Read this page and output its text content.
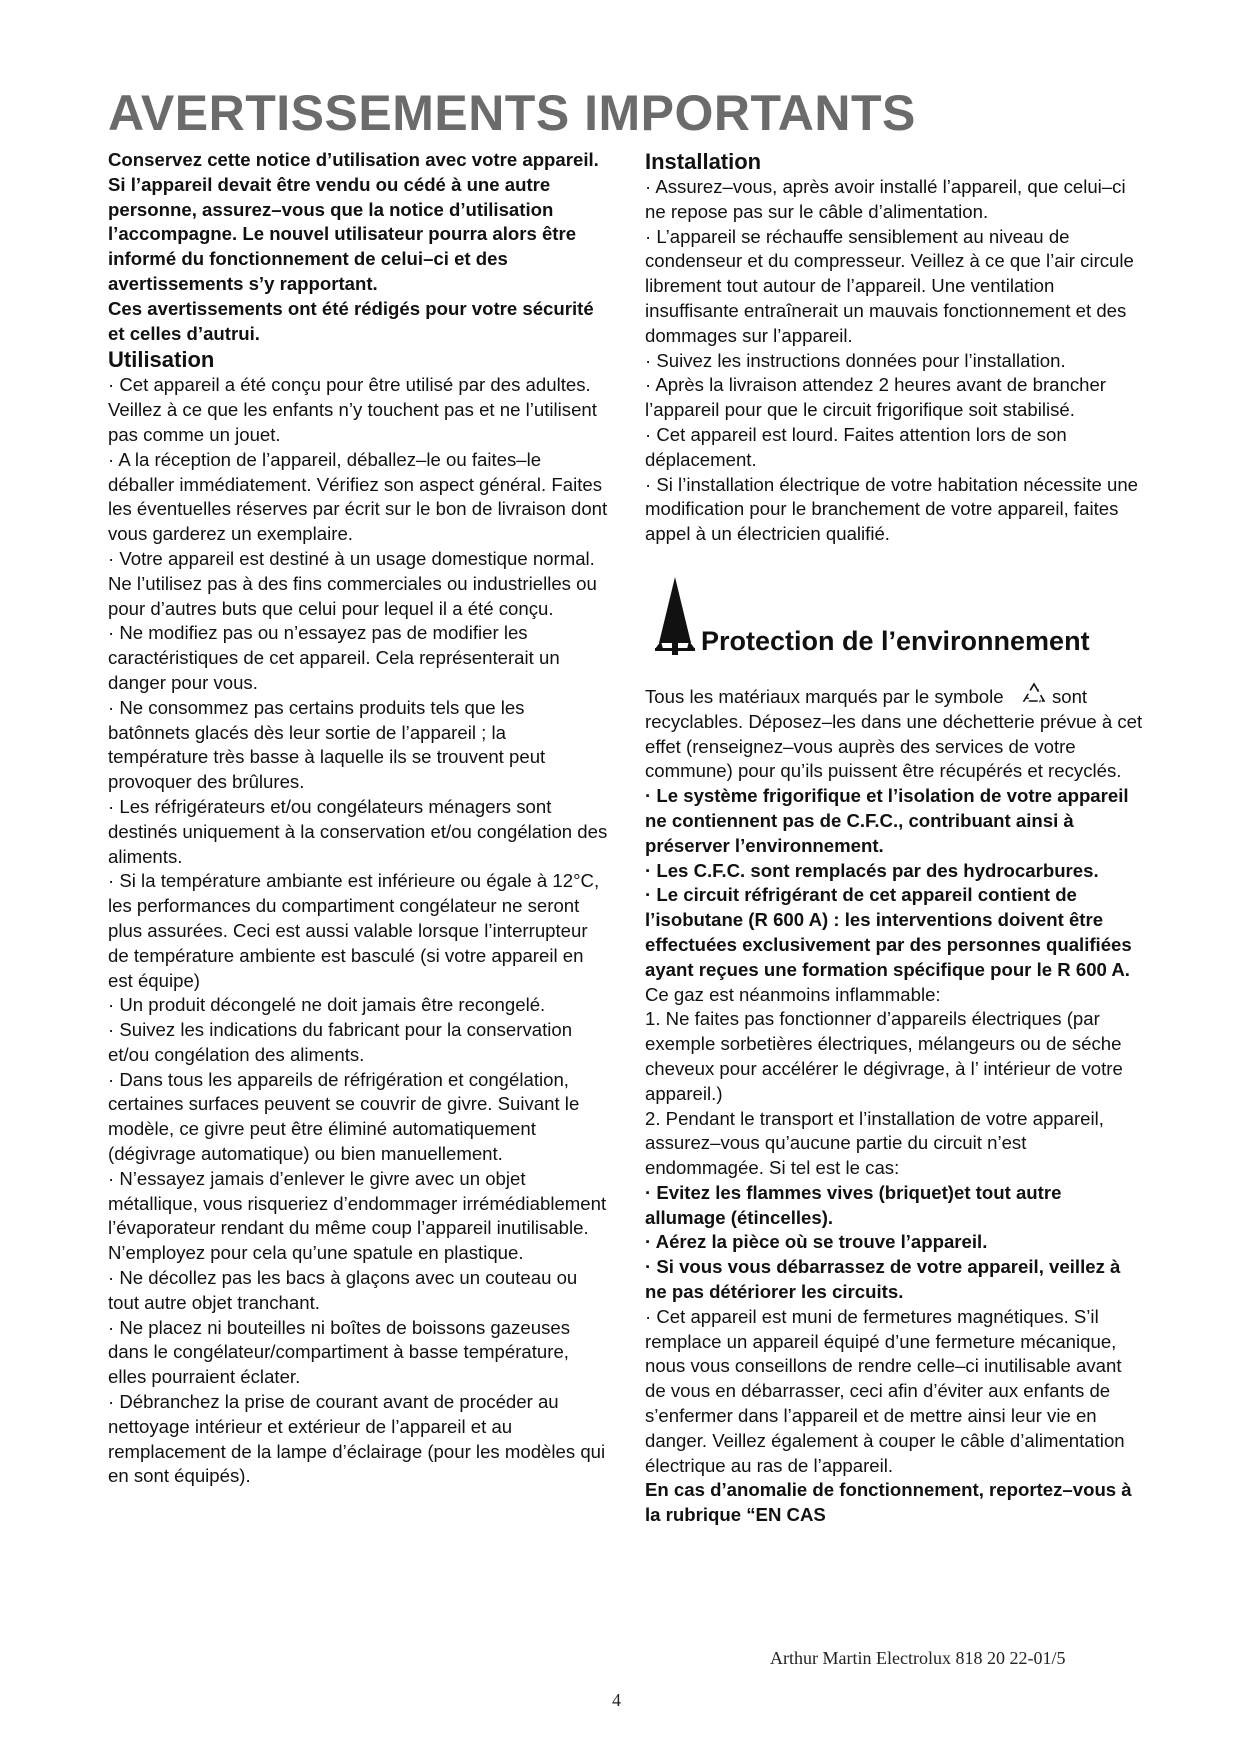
AVERTISSEMENTS IMPORTANTS

Conservez cette notice d’utilisation avec votre appareil. Si l’appareil devait être vendu ou cédé à une autre personne, assurez–vous que la notice d’utilisation l’accompagne. Le nouvel utilisateur pourra alors être informé du fonctionnement de celui–ci et des avertissements s’y rapportant.

Ces avertissements ont été rédigés pour votre sécurité et celles d’autrui.

Utilisation

· Cet appareil a été conçu pour être utilisé par des adultes. Veillez à ce que les enfants n’y touchent pas et ne l’utilisent pas comme un jouet.

· A la réception de l’appareil, déballez–le ou faites–le déballer immédiatement. Vérifiez son aspect général. Faites les éventuelles réserves par écrit sur le bon de livraison dont vous garderez un exemplaire.

· Votre appareil est destiné à un usage domestique normal. Ne l’utilisez pas à des fins commerciales ou industrielles ou pour d’autres buts que celui pour lequel il a été conçu.

· Ne modifiez pas ou n’essayez pas de modifier les caractéristiques de cet appareil. Cela représenterait un danger pour vous.

· Ne consommez pas certains produits tels que les batônnets glacés dès leur sortie de l’appareil ; la température très basse à laquelle ils se trouvent peut provoquer des brûlures.

· Les réfrigérateurs et/ou congélateurs ménagers sont destinés uniquement à la conservation et/ou congélation des aliments.

· Si la température ambiante est inférieure ou égale à 12°C, les performances du compartiment congélateur ne seront plus assurées. Ceci est aussi valable lorsque l’interrupteur de température ambiente est basculé (si votre appareil en est équipe)

· Un produit décongelé ne doit jamais être recongelé.

· Suivez les indications du fabricant pour la conservation et/ou congélation des aliments.

· Dans tous les appareils de réfrigération et congélation, certaines surfaces peuvent se couvrir de givre. Suivant le modèle, ce givre peut être éliminé automatiquement (dégivrage automatique) ou bien manuellement.

· N’essayez jamais d’enlever le givre avec un objet métallique, vous risqueriez d’endommager irrémédiablement l’évaporateur rendant du même coup l’appareil inutilisable. N’employez pour cela qu’une spatule en plastique.

· Ne décollez pas les bacs à glaçons avec un couteau ou tout autre objet tranchant.

· Ne placez ni bouteilles ni boîtes de boissons gazeuses dans le congélateur/compartiment à basse température, elles pourraient éclater.

· Débranchez la prise de courant avant de procéder au nettoyage intérieur et extérieur de l’appareil et au remplacement de la lampe d’éclairage (pour les modèles qui en sont équipés).

Installation

· Assurez–vous, après avoir installé l’appareil, que celui–ci ne repose pas sur le câble d’alimentation.

· L’appareil se réchauffe sensiblement au niveau de condenseur et du compresseur. Veillez à ce que l’air circule librement tout autour de l’appareil. Une ventilation insuffisante entraînerait un mauvais fonctionnement et des dommages sur l’appareil.

· Suivez les instructions données pour l’installation.

· Après la livraison attendez 2 heures avant de brancher l’appareil pour que le circuit frigorifique soit stabilisé.

· Cet appareil est lourd. Faites attention lors de son déplacement.

· Si l’installation électrique de votre habitation nécessite une modification pour le branchement de votre appareil, faites appel à un électricien qualifié.

Protection de l’environnement

Tous les matériaux marqués par le symbole	sont recyclables. Déposez–les dans une déchetterie prévue à cet effet (renseignez–vous auprès des services de votre commune) pour qu’ils puissent être récupérés et recyclés.

· Le système frigorifique et l’isolation de votre appareil ne contiennent pas de C.F.C., contribuant ainsi à préserver l’environnement.

· Les C.F.C. sont remplacés par des hydrocarbures.

· Le circuit réfrigérant de cet appareil contient de l’isobutane (R 600 A) : les interventions doivent être effectuées exclusivement par des personnes qualifiées ayant reçues une formation spécifique pour le R 600 A.

Ce gaz est néanmoins inflammable:

1. Ne faites pas fonctionner d’appareils électriques (par exemple sorbetières électriques, mélangeurs ou de séche cheveux pour accélérer le dégivrage, à l’ intérieur de votre appareil.)

2. Pendant le transport et l’installation de votre appareil, assurez–vous qu’aucune partie du circuit n’est endommagée. Si tel est le cas:

· Evitez les flammes vives (briquet)et tout autre allumage (étincelles).

· Aérez la pièce où se trouve l’appareil.

· Si vous vous débarrassez de votre appareil, veillez à ne pas détériorer les circuits.

· Cet appareil est muni de fermetures magnétiques. S’il remplace un appareil équipé d’une fermeture mécanique, nous vous conseillons de rendre celle–ci inutilisable avant de vous en débarrasser, ceci afin d’éviter aux enfants de s’enfermer dans l’appareil et de mettre ainsi leur vie en danger. Veillez également à couper le câble d’alimentation électrique au ras de l’appareil.

En cas d’anomalie de fonctionnement, reportez–vous à la rubrique “EN CAS

Arthur Martin Electrolux 818 20 22-01/5
4
